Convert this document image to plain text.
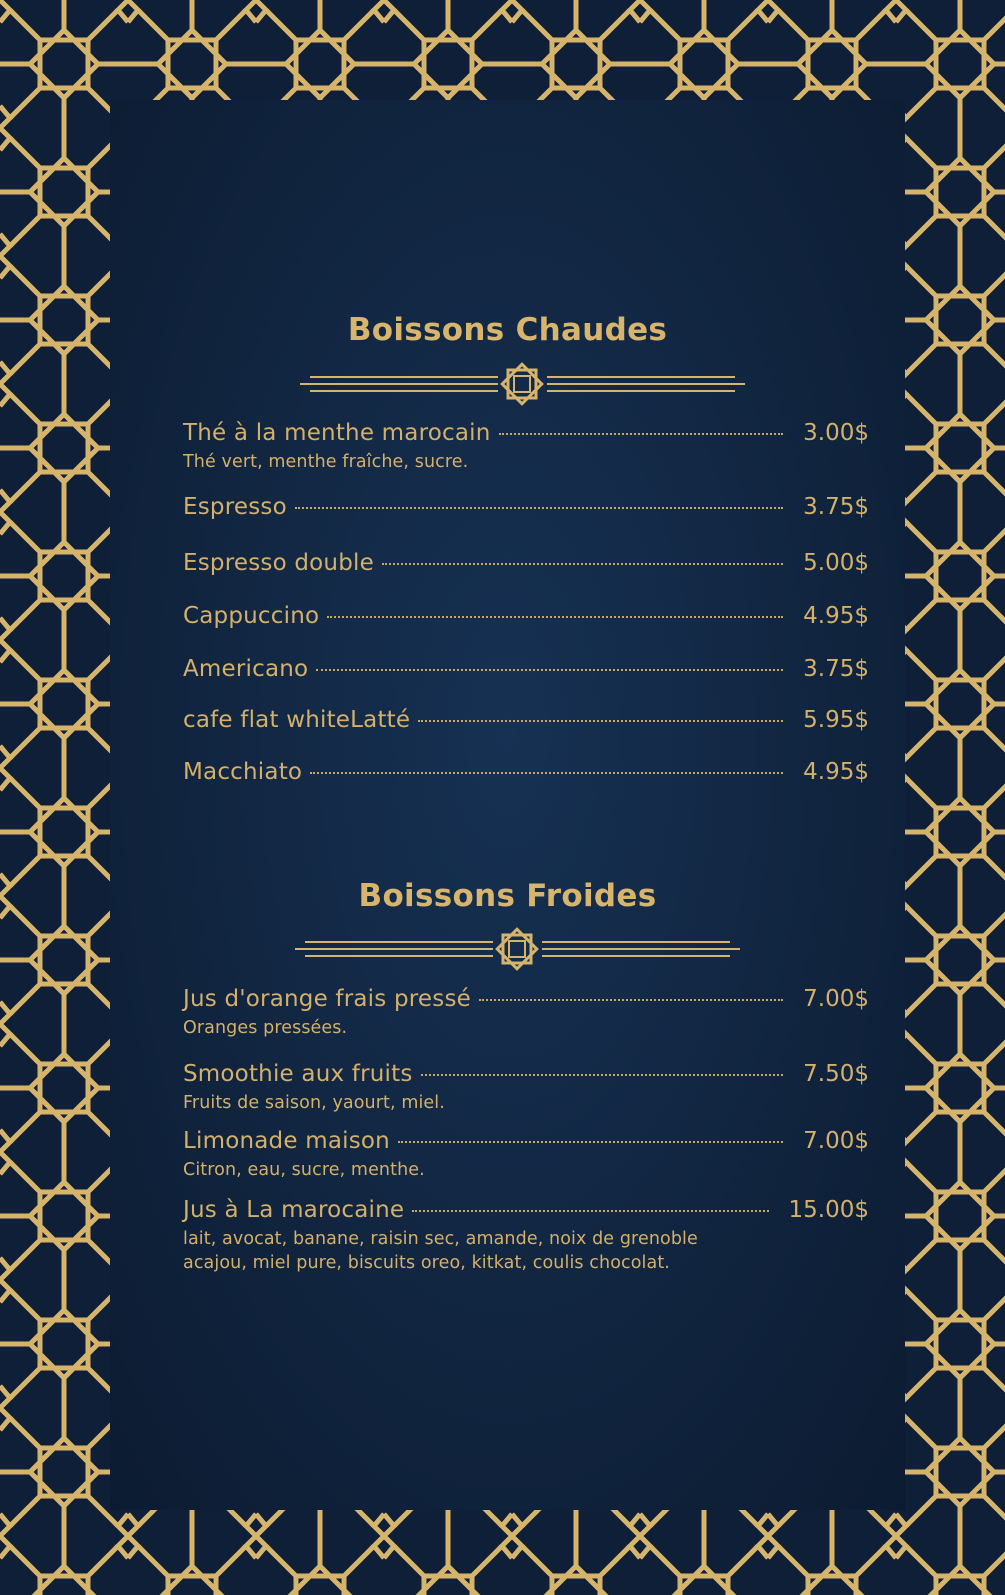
Boissons Chaudes
Thé à la menthe marocain	3.00$
Thé vert, menthe fraîche, sucre.
Espresso	3.75$
Espresso double	5.00$
Cappuccino	4.95$
Americano	3.75$
cafe flat whiteLatté	5.95$
Macchiato	4.95$
Boissons Froides
Jus d'orange frais pressé	7.00$
Oranges pressées.
Smoothie aux fruits	7.50$
Fruits de saison, yaourt, miel.
Limonade maison	7.00$
Citron, eau, sucre, menthe.
Jus à La marocaine	15.00$
lait, avocat, banane, raisin sec, amande, noix de grenoble
acajou, miel pure, biscuits oreo, kitkat, coulis chocolat.
